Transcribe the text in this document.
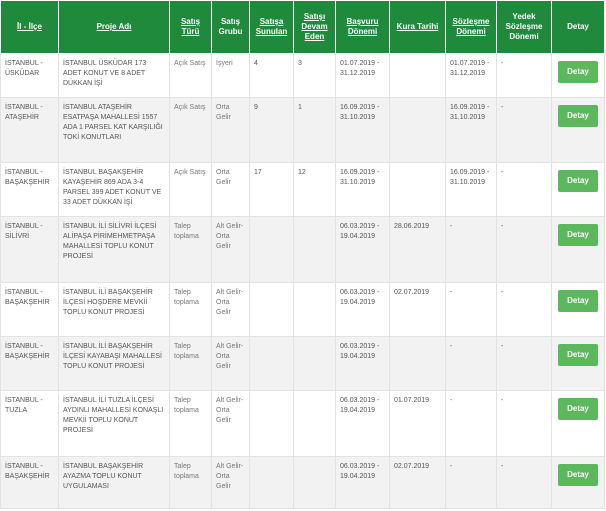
İl - İlçe	Proje Adı	Satış Türü	Satış Grubu	Satışa Sunulan	Satışı Devam Eden	Başvuru Dönemi	Kura Tarihi	Sözleşme Dönemi	Yedek Sözleşme Dönemi	Detay
İSTANBUL - ÜSKÜDAR	İSTANBUL ÜSKÜDAR 173 ADET KONUT VE 8 ADET DÜKKAN İŞİ	Açık Satış	İşyeri	4	3	01.07.2019 - 31.12.2019		01.07.2019 - 31.12.2019	-	Detay
İSTANBUL - ATAŞEHİR	İSTANBUL ATAŞEHİR ESATPAŞA MAHALLESİ 1557 ADA 1 PARSEL KAT KARŞILIĞI TOKİ KONUTLARI	Açık Satış	Orta Gelir	9	1	16.09.2019 - 31.10.2019		16.09.2019 - 31.10.2019	-	Detay
İSTANBUL - BAŞAKŞEHİR	İSTANBUL BAŞAKŞEHİR KAYAŞEHİR 869 ADA 3-4 PARSEL 399 ADET KONUT VE 33 ADET DÜKKAN İŞİ	Açık Satış	Orta Gelir	17	12	16.09.2019 - 31.10.2019		16.09.2019 - 31.10.2019	-	Detay
İSTANBUL - SİLİVRİ	İSTANBUL İLİ SİLİVRİ İLÇESİ ALİPAŞA PİRİMEHMETPAŞA MAHALLESİ TOPLU KONUT PROJESİ	Talep toplama	Alt Gelir-Orta Gelir			06.03.2019 - 19.04.2019	28.06.2019	-	-	Detay
İSTANBUL - BAŞAKŞEHİR	İSTANBUL İLİ BAŞAKŞEHİR İLÇESİ HOŞDERE MEVKİİ TOPLU KONUT PROJESİ	Talep toplama	Alt Gelir-Orta Gelir			06.03.2019 - 19.04.2019	02.07.2019	-	-	Detay
İSTANBUL - BAŞAKŞEHİR	İSTANBUL İLİ BAŞAKŞEHİR İLÇESİ KAYABAŞI MAHALLESİ TOPLU KONUT PROJESİ	Talep toplama	Alt Gelir-Orta Gelir			06.03.2019 - 19.04.2019		-	-	Detay
İSTANBUL - TUZLA	İSTANBUL İLİ TUZLA İLÇESİ AYDINLI MAHALLESİ KONAŞLI MEVKİİ TOPLU KONUT PROJESİ	Talep toplama	Alt Gelir-Orta Gelir			06.03.2019 - 19.04.2019	01.07.2019	-	-	Detay
İSTANBUL - BAŞAKŞEHİR	İSTANBUL BAŞAKŞEHİR AYAZMA TOPLU KONUT UYGULAMASI	Talep toplama	Alt Gelir-Orta Gelir			06.03.2019 - 19.04.2019	02.07.2019	-	-	Detay
